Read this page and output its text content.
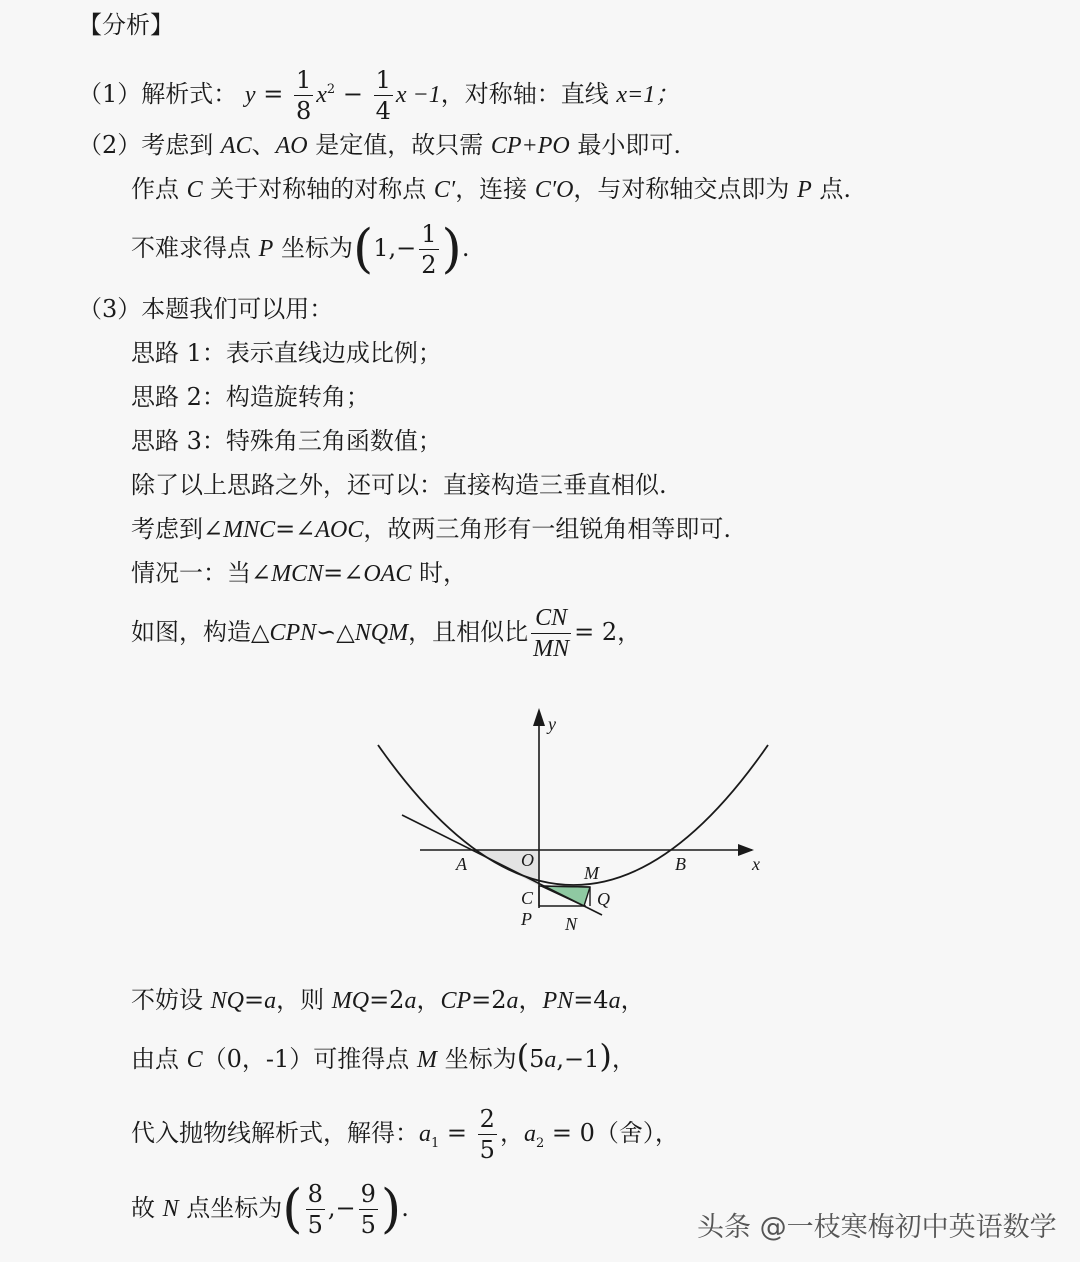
【分析】
（1）解析式： $y = \frac{1}{8} x^2 - \frac{1}{4}$ x −1，对称轴：直线 x=1；
（2）考虑到 AC、AO 是定值，故只需 CP+PO 最小即可.
作点 C 关于对称轴的对称点 C′，连接 C′O，与对称轴交点即为 P 点.
不难求得点 P 坐标为($1,- \frac{1}{2}$ ).
（3）本题我们可以用：
思路 1：表示直线边成比例；
思路 2：构造旋转角；
思路 3：特殊角三角函数值；
除了以上思路之外，还可以：直接构造三垂直相似.
考虑到∠MNC=∠AOC，故两三角形有一组锐角相等即可.
情况一：当∠MCN=∠OAC 时，
如图，构造△CPN∽△NQM，且相似比 $\frac{CN}{MN} = 2$，
y
x
A	O	B
M
C	Q
P N
不妨设 NQ=a，则 MQ=2a，CP=2a，PN=4a，
由点 C（0，-1）可推得点 M 坐标为(5a,−1)，
代入抛物线解析式，解得：$a_1 = \frac{2}{5}$ ，$a_2 = 0$（舍），
故 N 点坐标为( $\frac{8}{5}$ ,− $\frac{9}{5}$ ).
头条 @一枝寒梅初中英语数学
